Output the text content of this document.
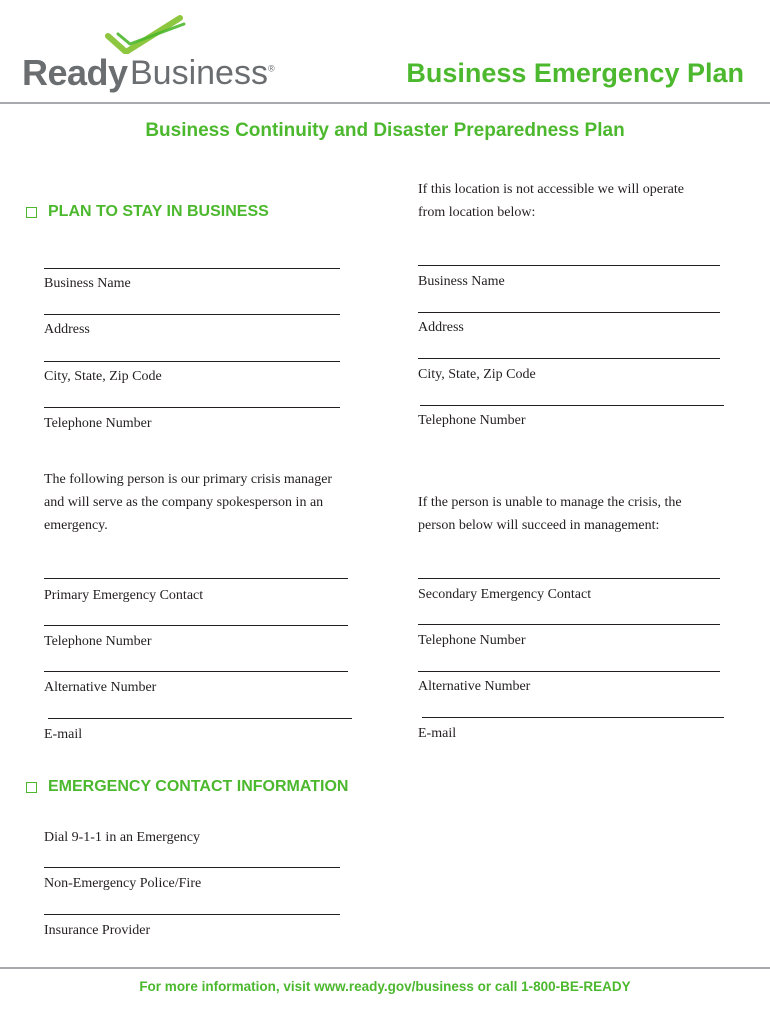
Ready Business®	Business Emergency Plan
Business Continuity and Disaster Preparedness Plan
PLAN TO STAY IN BUSINESS
If this location is not accessible we will operate
from location below:
Business Name
Address
City, State, Zip Code
Telephone Number
Business Name
Address
City, State, Zip Code
Telephone Number
The following person is our primary crisis manager
and will serve as the company spokesperson in an
emergency.
If the person is unable to manage the crisis, the
person below will succeed in management:
Primary Emergency Contact
Telephone Number
Alternative Number
E-mail
Secondary Emergency Contact
Telephone Number
Alternative Number
E-mail
EMERGENCY CONTACT INFORMATION
Dial 9-1-1 in an Emergency
Non-Emergency Police/Fire
Insurance Provider
For more information, visit www.ready.gov/business or call 1-800-BE-READY
